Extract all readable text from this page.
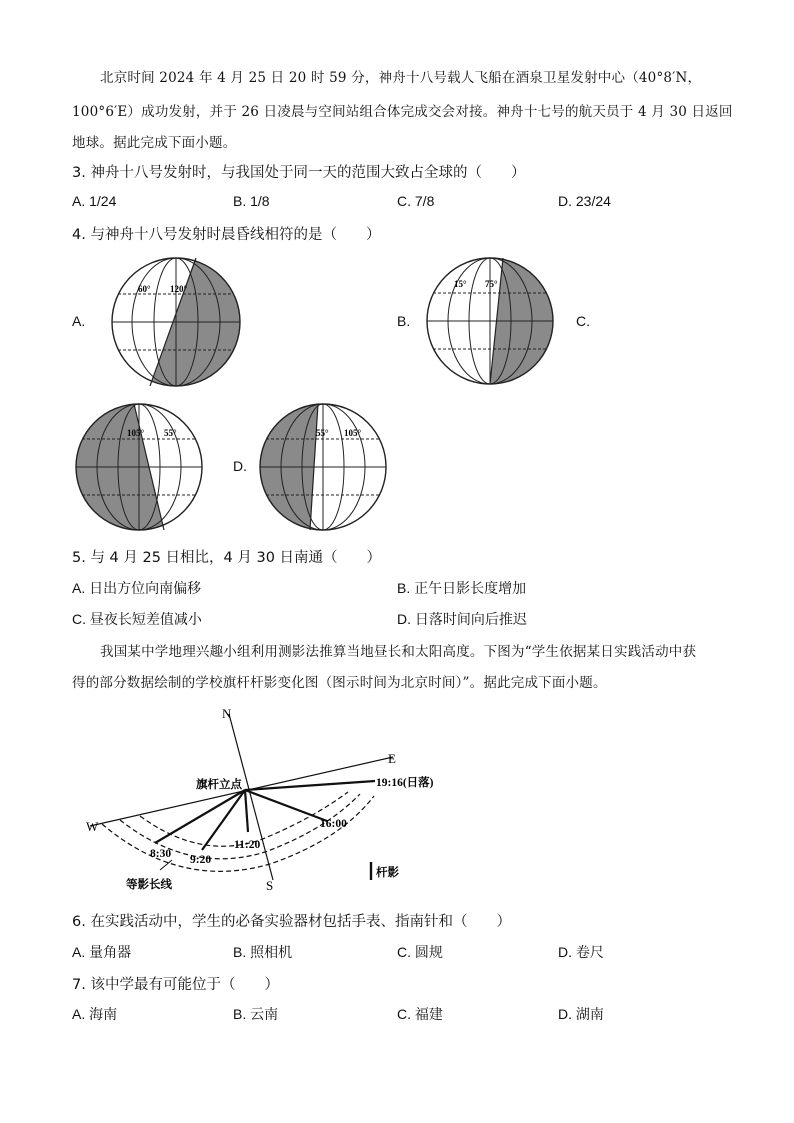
北京时间 2024 年 4 月 25 日 20 时 59 分，神舟十八号载人飞船在酒泉卫星发射中心（40°8′N，
100°6′E）成功发射，并于 26 日凌晨与空间站组合体完成交会对接。神舟十七号的航天员于 4 月 30 日返回
地球。据此完成下面小题。
3. 神舟十八号发射时，与我国处于同一天的范围大致占全球的（　　）
A. 1/24	B. 1/8	C. 7/8	D. 23/24
4. 与神舟十八号发射时晨昏线相符的是（　　）
A.	B.	C.
D.
60° 120°	15° 75°
105° 55°	55° 105°
5. 与 4 月 25 日相比，4 月 30 日南通（　　）
A. 日出方位向南偏移	B. 正午日影长度增加
C. 昼夜长短差值减小	D. 日落时间向后推迟
我国某中学地理兴趣小组利用测影法推算当地昼长和太阳高度。下图为“学生依据某日实践活动中获
得的部分数据绘制的学校旗杆杆影变化图（图示时间为北京时间）”。据此完成下面小题。
N
S
E
W
旗杆立点	19:16(日落)
16:00
11:20
9:20
8:30
等影长线
杆影
6. 在实践活动中，学生的必备实验器材包括手表、指南针和（　　）
A. 量角器	B. 照相机	C. 圆规	D. 卷尺
7. 该中学最有可能位于（　　）
A. 海南	B. 云南	C. 福建	D. 湖南
